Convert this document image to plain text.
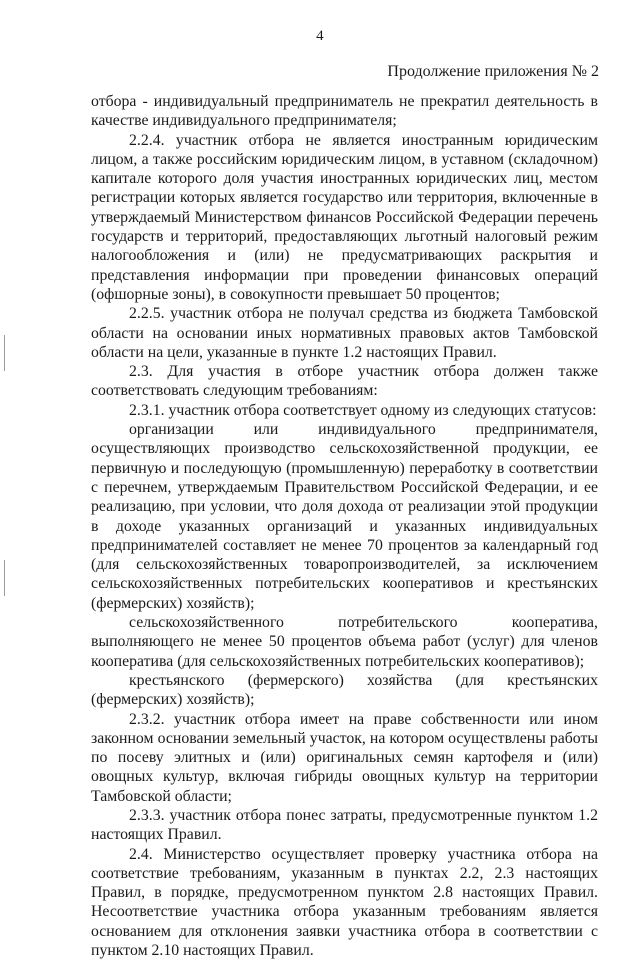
4
Продолжение приложения № 2

отбора - индивидуальный предприниматель не прекратил деятельность в качестве индивидуального предпринимателя;

2.2.4. участник отбора не является иностранным юридическим лицом, а также российским юридическим лицом, в уставном (складочном) капитале которого доля участия иностранных юридических лиц, местом регистрации которых является государство или территория, включенные в утверждаемый Министерством финансов Российской Федерации перечень государств и территорий, предоставляющих льготный налоговый режим налогообложения и (или) не предусматривающих раскрытия и представления информации при проведении финансовых операций (офшорные зоны), в совокупности превышает 50 процентов;

2.2.5. участник отбора не получал средства из бюджета Тамбовской области на основании иных нормативных правовых актов Тамбовской области на цели, указанные в пункте 1.2 настоящих Правил.

2.3. Для участия в отборе участник отбора должен также соответствовать следующим требованиям:

2.3.1. участник отбора соответствует одному из следующих статусов:

организации или индивидуального предпринимателя, осуществляющих производство сельскохозяйственной продукции, ее первичную и последующую (промышленную) переработку в соответствии с перечнем, утверждаемым Правительством Российской Федерации, и ее реализацию, при условии, что доля дохода от реализации этой продукции в доходе указанных организаций и указанных индивидуальных предпринимателей составляет не менее 70 процентов за календарный год (для сельскохозяйственных товаропроизводителей, за исключением сельскохозяйственных потребительских кооперативов и крестьянских (фермерских) хозяйств);

сельскохозяйственного потребительского кооператива, выполняющего не менее 50 процентов объема работ (услуг) для членов кооператива (для сельскохозяйственных потребительских кооперативов);

крестьянского (фермерского) хозяйства (для крестьянских (фермерских) хозяйств);

2.3.2. участник отбора имеет на праве собственности или ином законном основании земельный участок, на котором осуществлены работы по посеву элитных и (или) оригинальных семян картофеля и (или) овощных культур, включая гибриды овощных культур на территории Тамбовской области;

2.3.3. участник отбора понес затраты, предусмотренные пунктом 1.2 настоящих Правил.

2.4. Министерство осуществляет проверку участника отбора на соответствие требованиям, указанным в пунктах 2.2, 2.3 настоящих Правил, в порядке, предусмотренном пунктом 2.8 настоящих Правил. Несоответствие участника отбора указанным требованиям является основанием для отклонения заявки участника отбора в соответствии с пунктом 2.10 настоящих Правил.
